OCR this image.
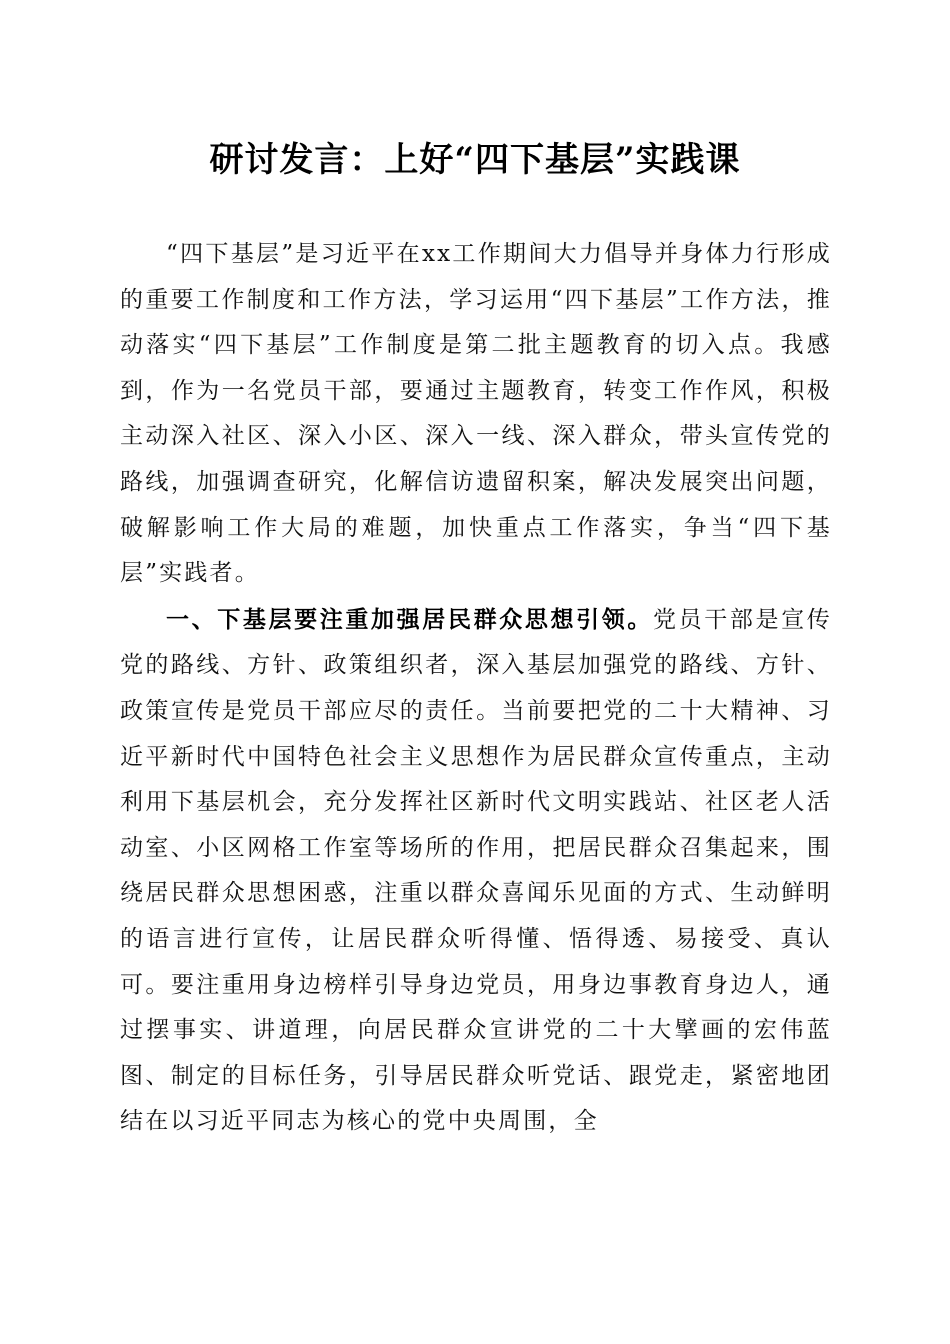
研讨发言：上好“四下基层”实践课

“四下基层”是习近平在xx工作期间大力倡导并身体力行形成的重要工作制度和工作方法，学习运用“四下基层”工作方法，推动落实“四下基层”工作制度是第二批主题教育的切入点。我感到，作为一名党员干部，要通过主题教育，转变工作作风，积极主动深入社区、深入小区、深入一线、深入群众，带头宣传党的路线，加强调查研究，化解信访遗留积案，解决发展突出问题，破解影响工作大局的难题，加快重点工作落实，争当“四下基层”实践者。

一、下基层要注重加强居民群众思想引领。党员干部是宣传党的路线、方针、政策组织者，深入基层加强党的路线、方针、政策宣传是党员干部应尽的责任。当前要把党的二十大精神、习近平新时代中国特色社会主义思想作为居民群众宣传重点，主动利用下基层机会，充分发挥社区新时代文明实践站、社区老人活动室、小区网格工作室等场所的作用，把居民群众召集起来，围绕居民群众思想困惑，注重以群众喜闻乐见面的方式、生动鲜明的语言进行宣传，让居民群众听得懂、悟得透、易接受、真认可。要注重用身边榜样引导身边党员，用身边事教育身边人，通过摆事实、讲道理，向居民群众宣讲党的二十大擘画的宏伟蓝图、制定的目标任务，引导居民群众听党话、跟党走，紧密地团结在以习近平同志为核心的党中央周围，全
